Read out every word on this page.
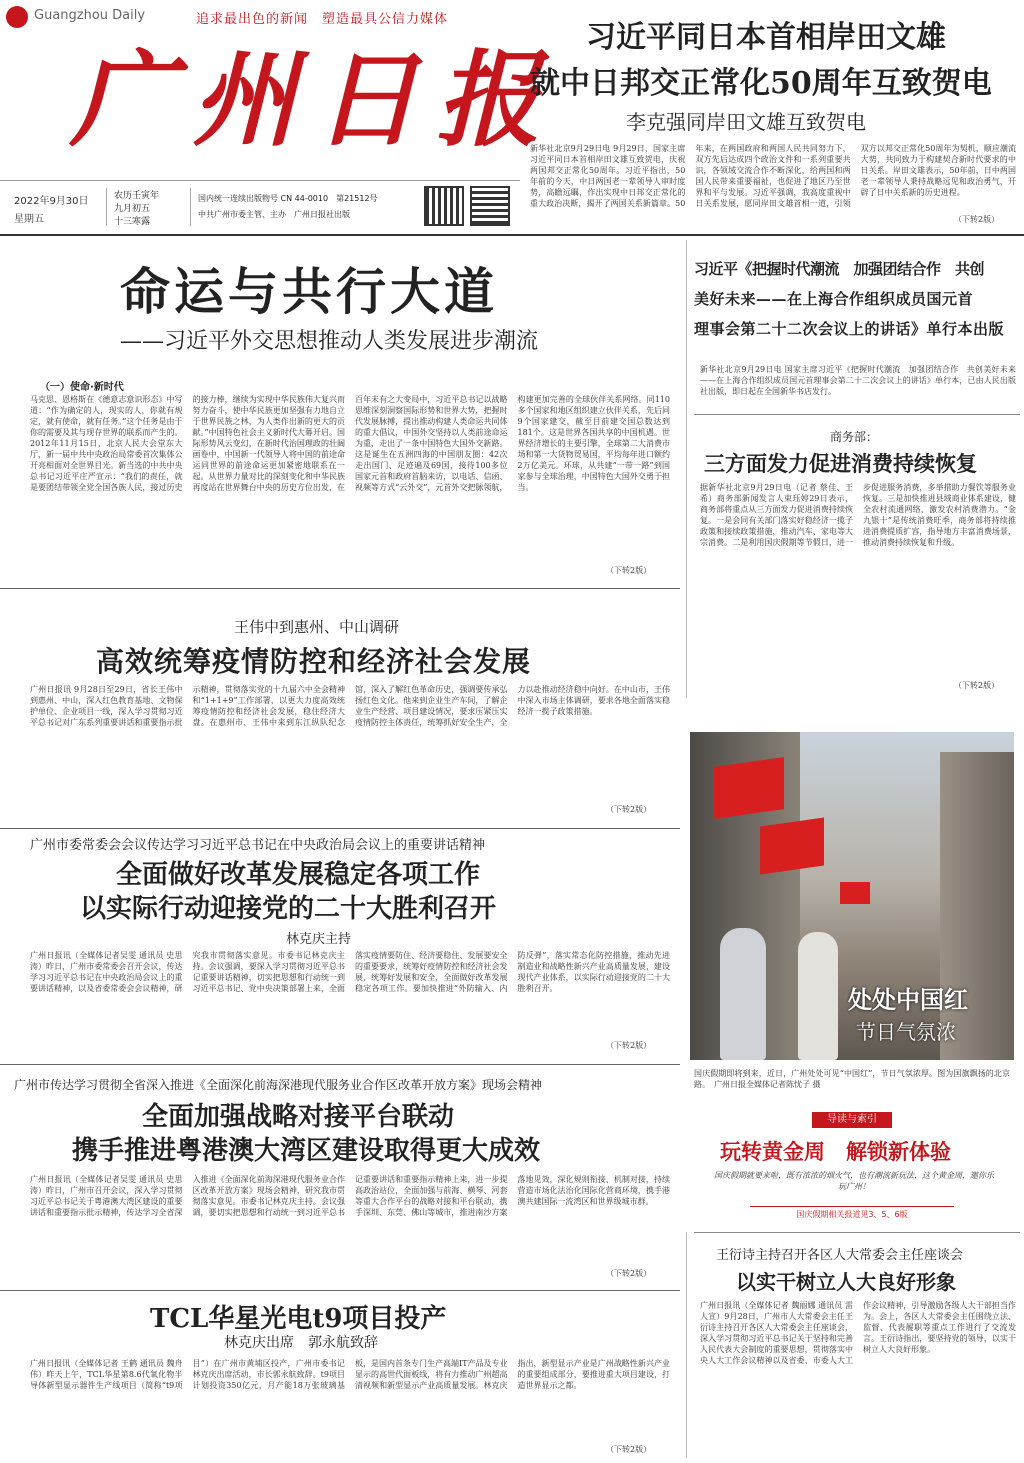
Guangzhou Daily	追求最出色的新闻　塑造最具公信力媒体
广州日报
2022年9月30日
星期五
农历壬寅年
九月初五
十三寒露
国内统一连续出版物号 CN 44-0010　第21512号
中共广州市委主管、主办　广州日报社出版
习近平同日本首相岸田文雄
就中日邦交正常化50周年互致贺电
李克强同岸田文雄互致贺电
新华社北京9月29日电 9月29日，国家主席习近平同日本首相岸田文雄互致贺电，庆祝两国邦交正常化50周年。习近平指出，50年前的今天，中日两国老一辈领导人审时度势，高瞻远瞩，作出实现中日邦交正常化的重大政治决断，揭开了两国关系新篇章。50年来，在两国政府和两国人民共同努力下，双方先后达成四个政治文件和一系列重要共识，各领域交流合作不断深化，给两国和两国人民带来重要福祉，也促进了地区乃至世界和平与发展。习近平强调，我高度重视中日关系发展，愿同岸田文雄首相一道，引领双方以邦交正常化50周年为契机，顺应潮流大势，共同致力于构建契合新时代要求的中日关系。岸田文雄表示，50年前，日中两国老一辈领导人秉持战略远见和政治勇气，开辟了日中关系新的历史进程。
（下转2版）
命运与共行大道
——习近平外交思想推动人类发展进步潮流
（一）使命·新时代
马克思、恩格斯在《德意志意识形态》中写道：“作为确定的人，现实的人，你就有规定，就有使命，就有任务。”这个任务是由于你的需要及其与现存世界的联系而产生的。2012年11月15日，北京人民大会堂东大厅，新一届中共中央政治局常委首次集体公开亮相面对全世界目光。新当选的中共中央总书记习近平庄严宣示：“我们的责任，就是要团结带领全党全国各族人民，接过历史的接力棒，继续为实现中华民族伟大复兴而努力奋斗，使中华民族更加坚强有力地自立于世界民族之林，为人类作出新的更大的贡献。”中国特色社会主义新时代大幕开启。国际形势风云变幻，在新时代治国理政的壮阔画卷中，中国新一代领导人将中国的前途命运同世界的前途命运更加紧密地联系在一起。从世界力量对比的深刻变化和中华民族再度站在世界舞台中央的历史方位出发，在百年未有之大变局中，习近平总书记以战略思维深刻洞察国际形势和世界大势，把握时代发展脉搏，提出推动构建人类命运共同体的重大倡议，中国外交坚持以人类前途命运为重，走出了一条中国特色大国外交新路。这是诞生在五洲四海的中国朋友圈：42次走出国门、足迹遍及69国，接待100多位国家元首和政府首脑来访，以电话、信函、视频等方式“云外交”，元首外交把脉领航，构建更加完善的全球伙伴关系网络。同110多个国家和地区组织建立伙伴关系，先后同9个国家建交，截至目前建交国总数达到181个。这是世界各国共享的中国机遇。世界经济增长的主要引擎，全球第二大消费市场和第一大货物贸易国，平均每年进口额约2万亿美元。环球，从共建“一带一路”到国家参与全球治理，中国特色大国外交勇于担当。
（下转2版）
习近平《把握时代潮流　加强团结合作　共创
美好未来——在上海合作组织成员国元首
理事会第二十二次会议上的讲话》单行本出版
新华社北京9月29日电 国家主席习近平《把握时代潮流　加强团结合作　共创美好未来——在上海合作组织成员国元首理事会第二十二次会议上的讲话》单行本，已由人民出版社出版，即日起在全国新华书店发行。
商务部：
三方面发力促进消费持续恢复
据新华社北京9月29日电（记者 蔡佳、王希）商务部新闻发言人束珏婷29日表示，商务部将重点从三方面发力促进消费持续恢复。一是会同有关部门落实好稳经济一揽子政策和接续政策措施，推动汽车、家电等大宗消费。二是利用国庆假期等节假日，进一步促进服务消费，多举措助力餐饮等服务业恢复。三是加快推进县域商业体系建设，健全农村流通网络，激发农村消费潜力。“金九银十”是传统消费旺季，商务部将持续推进消费提质扩容，指导地方丰富消费场景，推动消费持续恢复和升级。
（下转2版）
王伟中到惠州、中山调研
高效统筹疫情防控和经济社会发展
广州日报讯 9月28日至29日，省长王伟中到惠州、中山，深入红色教育基地、文物保护单位、企业项目一线，深入学习贯彻习近平总书记对广东系列重要讲话和重要指示批示精神，贯彻落实党的十九届六中全会精神和“1+1+9”工作部署，以更大力度高效统筹疫情防控和经济社会发展，稳住经济大盘。在惠州市，王伟中来到东江纵队纪念馆，深入了解红色革命历史，强调要传承弘扬红色文化。他来到企业生产车间，了解企业生产经营、项目建设情况，要求压紧压实疫情防控主体责任，统筹抓好安全生产，全力以赴推动经济稳中向好。在中山市，王伟中深入市场主体调研，要求各地全面落实稳经济一揽子政策措施。
（下转2版）
处处中国红
节日气氛浓
国庆假期即将到来，近日，广州处处可见“中国红”，节日气氛浓厚。图为国旗飘扬的北京路。　广州日报全媒体记者陈忧子 摄
导读与索引
玩转黄金周　解锁新体验
国庆假期就要来啦，既有浓浓的烟火气，也有潮流新玩法，这个黄金周，邀你乐玩广州！
国庆假期相关报道见3、5、6版
广州市委常委会会议传达学习习近平总书记在中央政治局会议上的重要讲话精神
全面做好改革发展稳定各项工作
以实际行动迎接党的二十大胜利召开
林克庆主持
广州日报讯（全媒体记者吴雯 通讯员 史思涛）昨日，广州市委常委会召开会议，传达学习习近平总书记在中央政治局会议上的重要讲话精神，以及省委常委会会议精神，研究我市贯彻落实意见。市委书记林克庆主持。会议强调，要深入学习贯彻习近平总书记重要讲话精神，切实把思想和行动统一到习近平总书记、党中央决策部署上来，全面落实疫情要防住、经济要稳住、发展要安全的重要要求，统筹好疫情防控和经济社会发展，统筹好发展和安全，全面做好改革发展稳定各项工作。要加快推进“外防输入、内防反弹”，落实常态化防控措施，推动先进制造业和战略性新兴产业高质量发展，建设现代产业体系，以实际行动迎接党的二十大胜利召开。
（下转2版）
广州市传达学习贯彻全省深入推进《全面深化前海深港现代服务业合作区改革开放方案》现场会精神
全面加强战略对接平台联动
携手推进粤港澳大湾区建设取得更大成效
广州日报讯（全媒体记者吴雯 通讯员 史思涛）昨日，广州市召开会议，深入学习贯彻习近平总书记关于粤港澳大湾区建设的重要讲话和重要指示批示精神，传达学习全省深入推进《全面深化前海深港现代服务业合作区改革开放方案》现场会精神，研究我市贯彻落实意见。市委书记林克庆主持。会议强调，要切实把思想和行动统一到习近平总书记重要讲话和重要指示精神上来，进一步提高政治站位，全面加强与前海、横琴、河套等重大合作平台的战略对接和平台联动，携手深圳、东莞、佛山等城市，推进南沙方案落地见效，深化规则衔接、机制对接，持续营造市场化法治化国际化营商环境，携手港澳共建国际一流湾区和世界级城市群。
（下转2版）
TCL华星光电t9项目投产
林克庆出席　郭永航致辞
广州日报讯（全媒体记者 王鹤 通讯员 魏舟伟）昨天上午，TCL华星第8.6代氧化物半导体新型显示器件生产线项目（简称“t9项目”）在广州市黄埔区投产，广州市委书记林克庆出席活动，市长郭永航致辞。t9项目计划投资350亿元，月产能18万张玻璃基板，是国内首条专门生产高端IT产品及专业显示的高世代面板线，将有力推动广州超高清视频和新型显示产业高质量发展。林克庆指出，新型显示产业是广州战略性新兴产业的重要组成部分，要推进重大项目建设，打造世界显示之都。
（下转2版）
王衍诗主持召开各区人大常委会主任座谈会
以实干树立人大良好形象
广州日报讯（全媒体记者 魏丽娜 通讯员 雷人宣）9月28日，广州市人大常委会主任王衍诗主持召开各区人大常委会主任座谈会，深入学习贯彻习近平总书记关于坚持和完善人民代表大会制度的重要思想，贯彻落实中央人大工作会议精神以及省委、市委人大工作会议精神，引导激励各级人大干部担当作为。会上，各区人大常委会主任围绕立法、监督、代表履职等重点工作进行了交流发言。王衍诗指出，要坚持党的领导，以实干树立人大良好形象。
